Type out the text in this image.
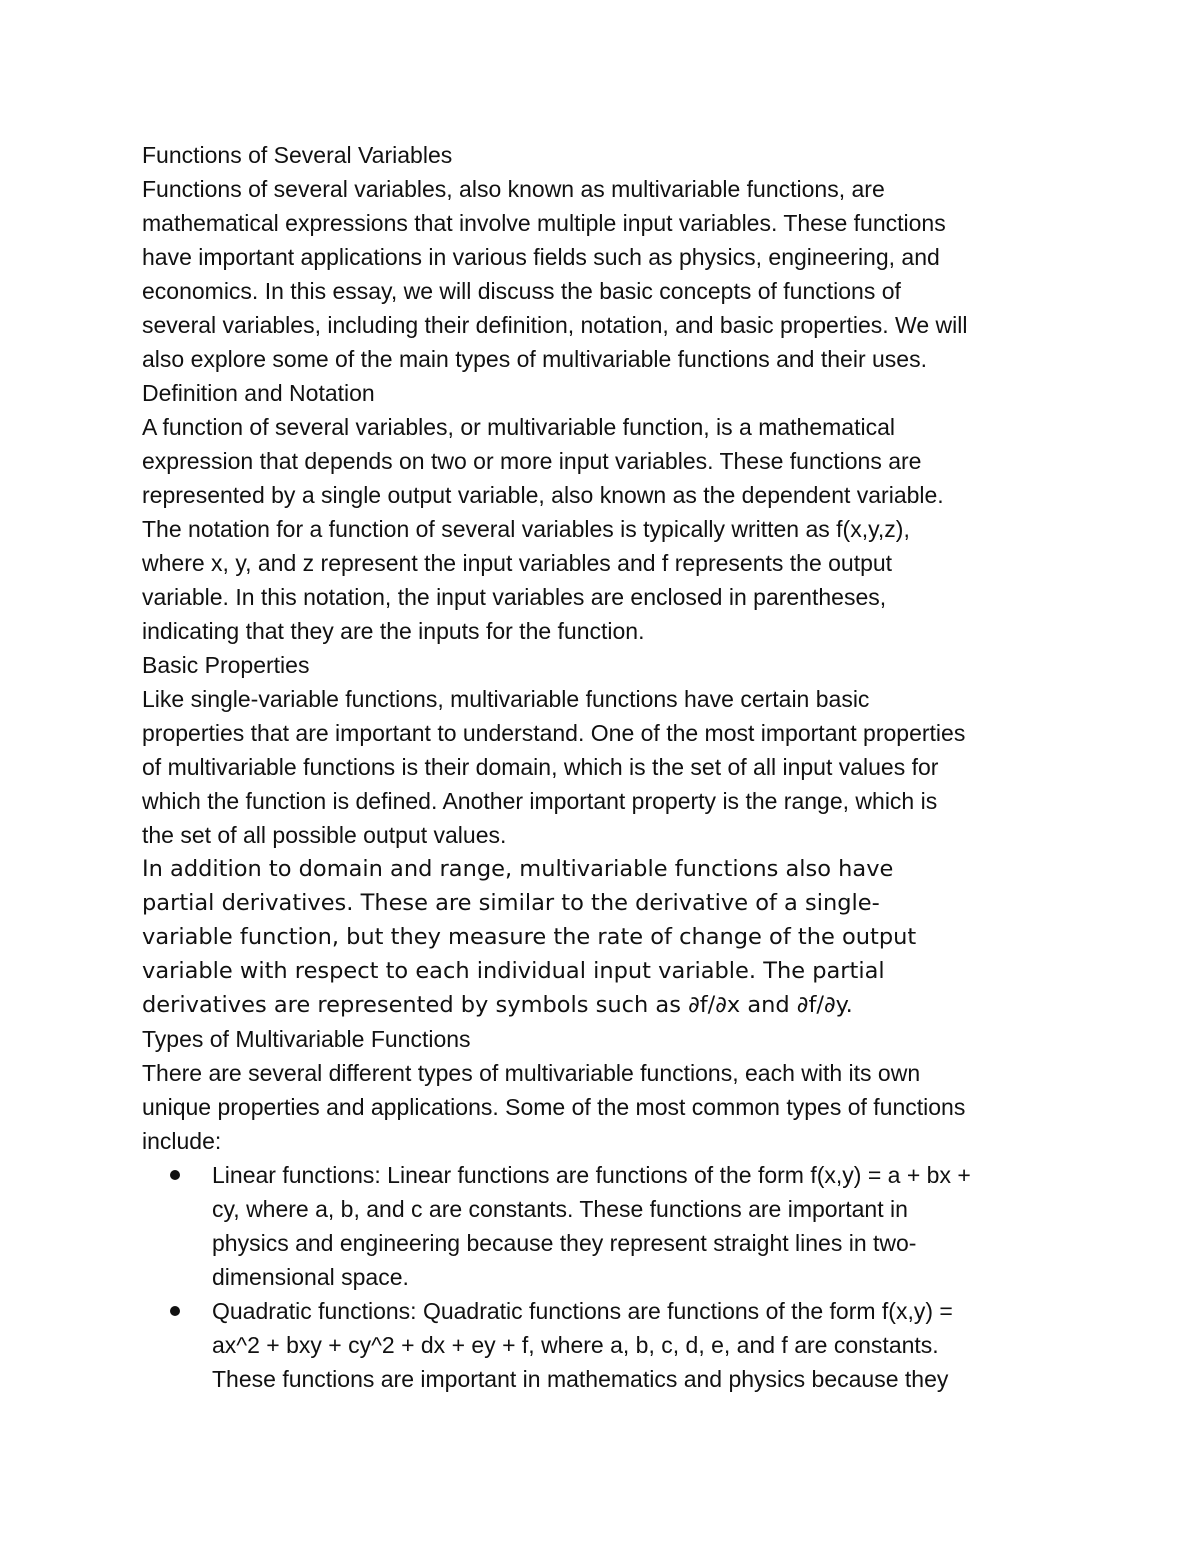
Functions of Several Variables

Functions of several variables, also known as multivariable functions, are

mathematical expressions that involve multiple input variables. These functions

have important applications in various fields such as physics, engineering, and

economics. In this essay, we will discuss the basic concepts of functions of

several variables, including their definition, notation, and basic properties. We will

also explore some of the main types of multivariable functions and their uses.

Definition and Notation

A function of several variables, or multivariable function, is a mathematical

expression that depends on two or more input variables. These functions are

represented by a single output variable, also known as the dependent variable.

The notation for a function of several variables is typically written as f(x,y,z),

where x, y, and z represent the input variables and f represents the output

variable. In this notation, the input variables are enclosed in parentheses,

indicating that they are the inputs for the function.

Basic Properties

Like single-variable functions, multivariable functions have certain basic

properties that are important to understand. One of the most important properties

of multivariable functions is their domain, which is the set of all input values for

which the function is defined. Another important property is the range, which is

the set of all possible output values.

In addition to domain and range, multivariable functions also have

partial derivatives. These are similar to the derivative of a single-

variable function, but they measure the rate of change of the output

variable with respect to each individual input variable. The partial

derivatives are represented by symbols such as ∂f/∂x and ∂f/∂y.

Types of Multivariable Functions

There are several different types of multivariable functions, each with its own

unique properties and applications. Some of the most common types of functions

include:

Linear functions: Linear functions are functions of the form f(x,y) = a + bx +

cy, where a, b, and c are constants. These functions are important in

physics and engineering because they represent straight lines in two-

dimensional space.

Quadratic functions: Quadratic functions are functions of the form f(x,y) =

ax^2 + bxy + cy^2 + dx + ey + f, where a, b, c, d, e, and f are constants.

These functions are important in mathematics and physics because they
